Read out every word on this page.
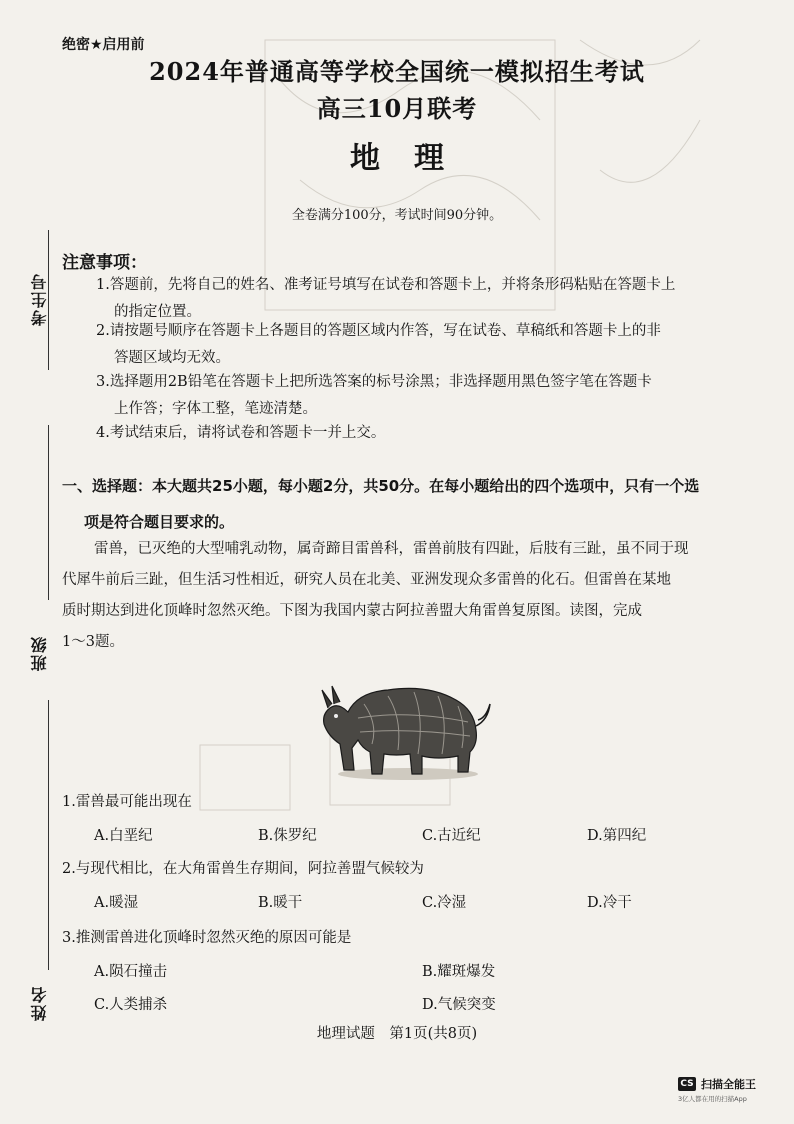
考生号
班级
姓名
绝密★启用前
2024年普通高等学校全国统一模拟招生考试
高三10月联考
地理
全卷满分100分，考试时间90分钟。
注意事项：
1.答题前，先将自己的姓名、准考证号填写在试卷和答题卡上，并将条形码粘贴在答题卡上
的指定位置。
2.请按题号顺序在答题卡上各题目的答题区域内作答，写在试卷、草稿纸和答题卡上的非
答题区域均无效。
3.选择题用2B铅笔在答题卡上把所选答案的标号涂黑；非选择题用黑色签字笔在答题卡
上作答；字体工整，笔迹清楚。
4.考试结束后，请将试卷和答题卡一并上交。
一、选择题：本大题共25小题，每小题2分，共50分。在每小题给出的四个选项中，只有一个选
项是符合题目要求的。
雷兽，已灭绝的大型哺乳动物，属奇蹄目雷兽科，雷兽前肢有四趾，后肢有三趾，虽不同于现
代犀牛前后三趾，但生活习性相近，研究人员在北美、亚洲发现众多雷兽的化石。但雷兽在某地
质时期达到进化顶峰时忽然灭绝。下图为我国内蒙古阿拉善盟大角雷兽复原图。读图，完成
1～3题。
1.雷兽最可能出现在
A.白垩纪	B.侏罗纪	C.古近纪	D.第四纪
2.与现代相比，在大角雷兽生存期间，阿拉善盟气候较为
A.暖湿	B.暖干	C.冷湿	D.冷干
3.推测雷兽进化顶峰时忽然灭绝的原因可能是
A.陨石撞击	B.耀斑爆发
C.人类捕杀	D.气候突变
地理试题　第1页(共8页)
CS 扫描全能王
3亿人都在用的扫描App
